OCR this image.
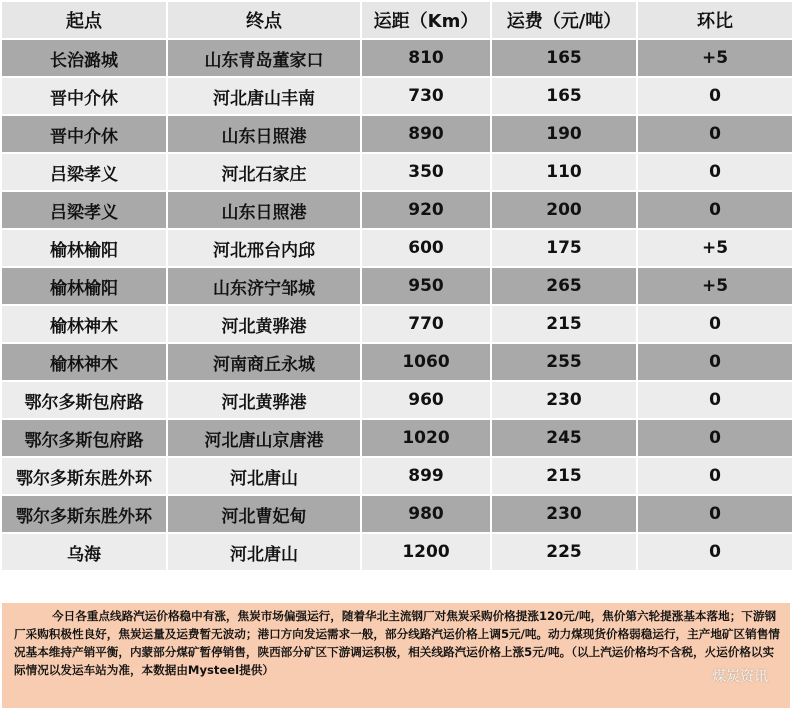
起点	终点	运距（Km）	运费（元/吨）	环比
长治潞城	山东青岛董家口	810	165	+5
晋中介休	河北唐山丰南	730	165	0
晋中介休	山东日照港	890	190	0
吕梁孝义	河北石家庄	350	110	0
吕梁孝义	山东日照港	920	200	0
榆林榆阳	河北邢台内邱	600	175	+5
榆林榆阳	山东济宁邹城	950	265	+5
榆林神木	河北黄骅港	770	215	0
榆林神木	河南商丘永城	1060	255	0
鄂尔多斯包府路	河北黄骅港	960	230	0
鄂尔多斯包府路	河北唐山京唐港	1020	245	0
鄂尔多斯东胜外环	河北唐山	899	215	0
鄂尔多斯东胜外环	河北曹妃甸	980	230	0
乌海	河北唐山	1200	225	0
今日各重点线路汽运价格稳中有涨，焦炭市场偏强运行，随着华北主流钢厂对焦炭采购价格提涨120元/吨，焦价第六轮提涨基本落地；下游钢厂采购积极性良好，焦炭运量及运费暂无波动；港口方向发运需求一般，部分线路汽运价格上调5元/吨。动力煤现货价格弱稳运行，主产地矿区销售情况基本维持产销平衡，内蒙部分煤矿暂停销售，陕西部分矿区下游调运积极，相关线路汽运价格上涨5元/吨。（以上汽运价格均不含税，火运价格以实际情况以发运车站为准，本数据由Mysteel提供）	煤炭资讯
